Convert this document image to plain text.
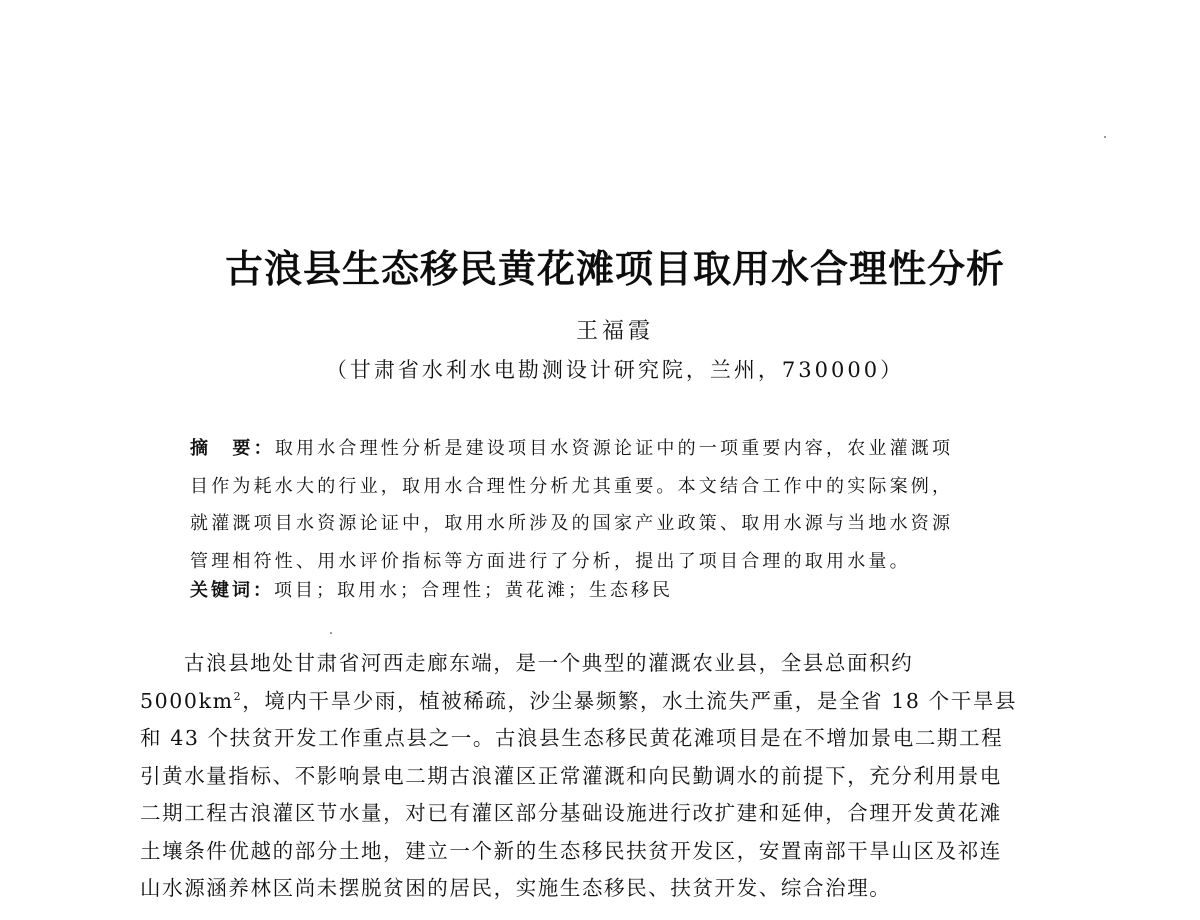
古浪县生态移民黄花滩项目取用水合理性分析
王福霞
（甘肃省水利水电勘测设计研究院，兰州，730000）
摘　要：取用水合理性分析是建设项目水资源论证中的一项重要内容，农业灌溉项
目作为耗水大的行业，取用水合理性分析尤其重要。本文结合工作中的实际案例，
就灌溉项目水资源论证中，取用水所涉及的国家产业政策、取用水源与当地水资源
管理相符性、用水评价指标等方面进行了分析，提出了项目合理的取用水量。
关键词：项目；取用水；合理性；黄花滩；生态移民
古浪县地处甘肃省河西走廊东端，是一个典型的灌溉农业县，全县总面积约
$5000km^2$，境内干旱少雨，植被稀疏，沙尘暴频繁，水土流失严重，是全省 18 个干旱县
和 43 个扶贫开发工作重点县之一。古浪县生态移民黄花滩项目是在不增加景电二期工程
引黄水量指标、不影响景电二期古浪灌区正常灌溉和向民勤调水的前提下，充分利用景电
二期工程古浪灌区节水量，对已有灌区部分基础设施进行改扩建和延伸，合理开发黄花滩
土壤条件优越的部分土地，建立一个新的生态移民扶贫开发区，安置南部干旱山区及祁连
山水源涵养林区尚未摆脱贫困的居民，实施生态移民、扶贫开发、综合治理。
